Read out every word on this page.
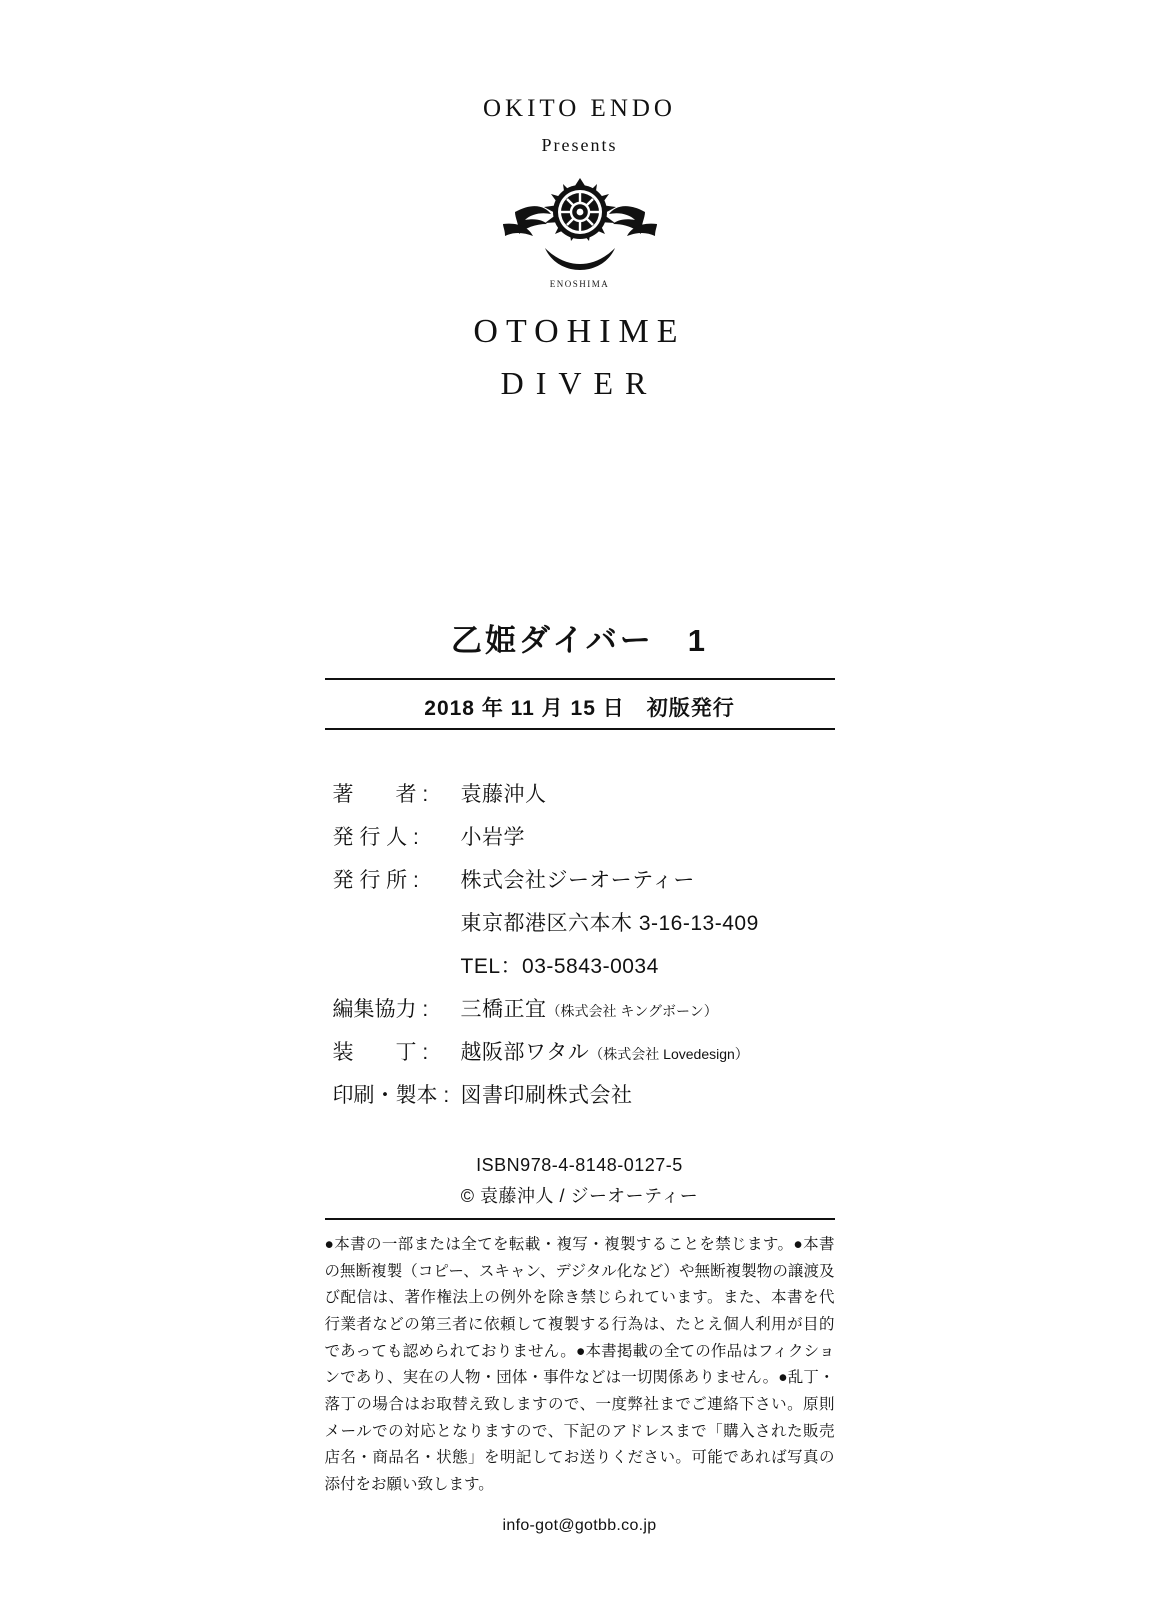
OKITO ENDO
Presents
ENOSHIMA
OTOHIME
DIVER
乙姫ダイバー　1
2018 年 11 月 15 日　初版発行
著　　者 :	袁藤沖人
発 行 人 :	小岩学
発 行 所 :	株式会社ジーオーティー
東京都港区六本木 3-16-13-409
TEL：03-5843-0034
編集協力 :	三橋正宜 （株式会社 キングボーン）
装　　丁 :	越阪部ワタル （株式会社 Lovedesign）
印刷・製本 : 図書印刷株式会社
ISBN978-4-8148-0127-5
© 袁藤沖人 / ジーオーティー
●本書の一部または全てを転載・複写・複製することを禁じます。●本書の無断複製（コピー、スキャン、デジタル化など）や無断複製物の譲渡及び配信は、著作権法上の例外を除き禁じられています。また、本書を代行業者などの第三者に依頼して複製する行為は、たとえ個人利用が目的であっても認められておりません。●本書掲載の全ての作品はフィクションであり、実在の人物・団体・事件などは一切関係ありません。●乱丁・落丁の場合はお取替え致しますので、一度弊社までご連絡下さい。原則メールでの対応となりますので、下記のアドレスまで「購入された販売店名・商品名・状態」を明記してお送りください。可能であれば写真の添付をお願い致します。
info-got@gotbb.co.jp
